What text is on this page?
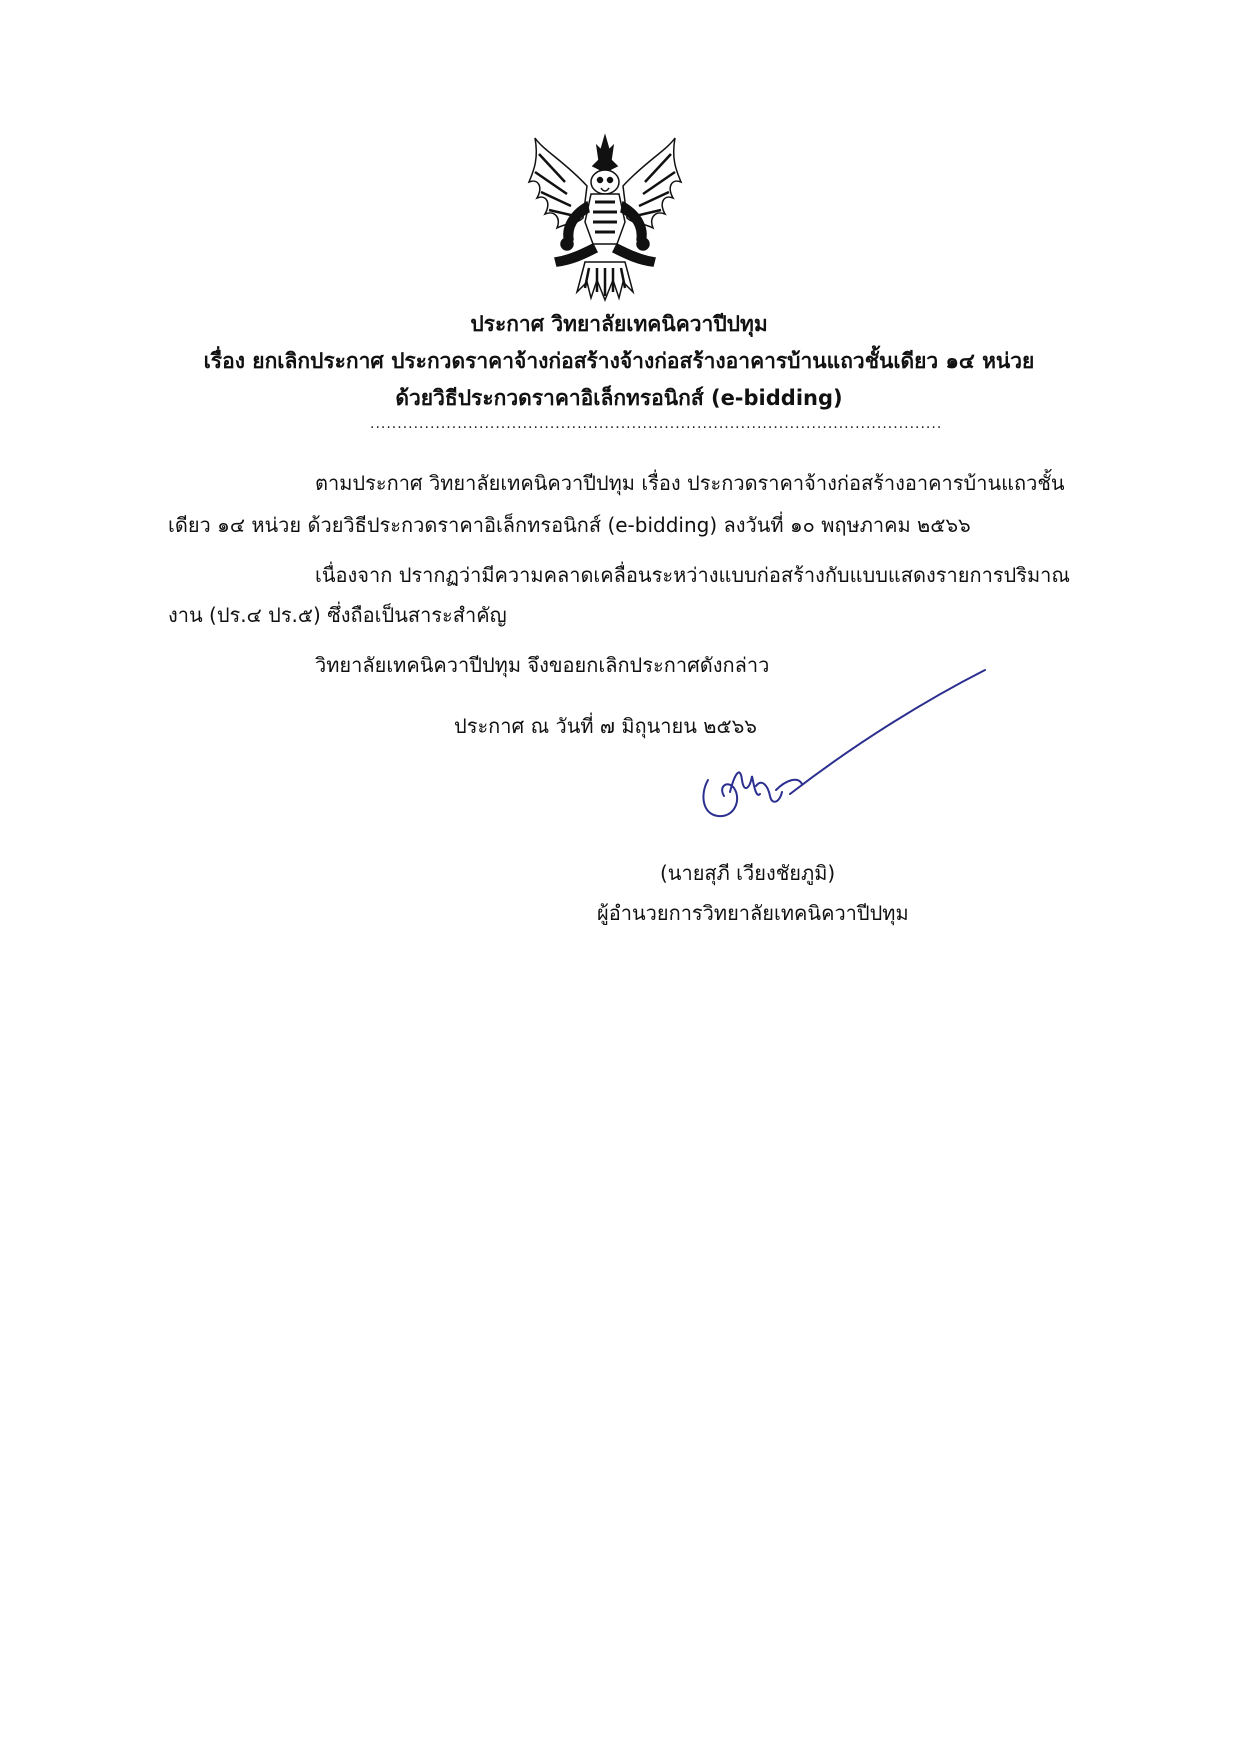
ประกาศ วิทยาลัยเทคนิควาปีปทุม
เรื่อง ยกเลิกประกาศ ประกวดราคาจ้างก่อสร้างจ้างก่อสร้างอาคารบ้านแถวชั้นเดียว ๑๔ หน่วย
ด้วยวิธีประกวดราคาอิเล็กทรอนิกส์ (e-bidding)
.........................................................................................................
ตามประกาศ วิทยาลัยเทคนิควาปีปทุม เรื่อง ประกวดราคาจ้างก่อสร้างอาคารบ้านแถวชั้น
เดียว ๑๔ หน่วย ด้วยวิธีประกวดราคาอิเล็กทรอนิกส์ (e-bidding) ลงวันที่ ๑๐ พฤษภาคม ๒๕๖๖
เนื่องจาก ปรากฏว่ามีความคลาดเคลื่อนระหว่างแบบก่อสร้างกับแบบแสดงรายการปริมาณ
งาน (ปร.๔ ปร.๕) ซึ่งถือเป็นสาระสำคัญ
วิทยาลัยเทคนิควาปีปทุม จึงขอยกเลิกประกาศดังกล่าว
ประกาศ ณ วันที่ ๗ มิถุนายน ๒๕๖๖
(นายสุภี เวียงชัยภูมิ)
ผู้อำนวยการวิทยาลัยเทคนิควาปีปทุม
